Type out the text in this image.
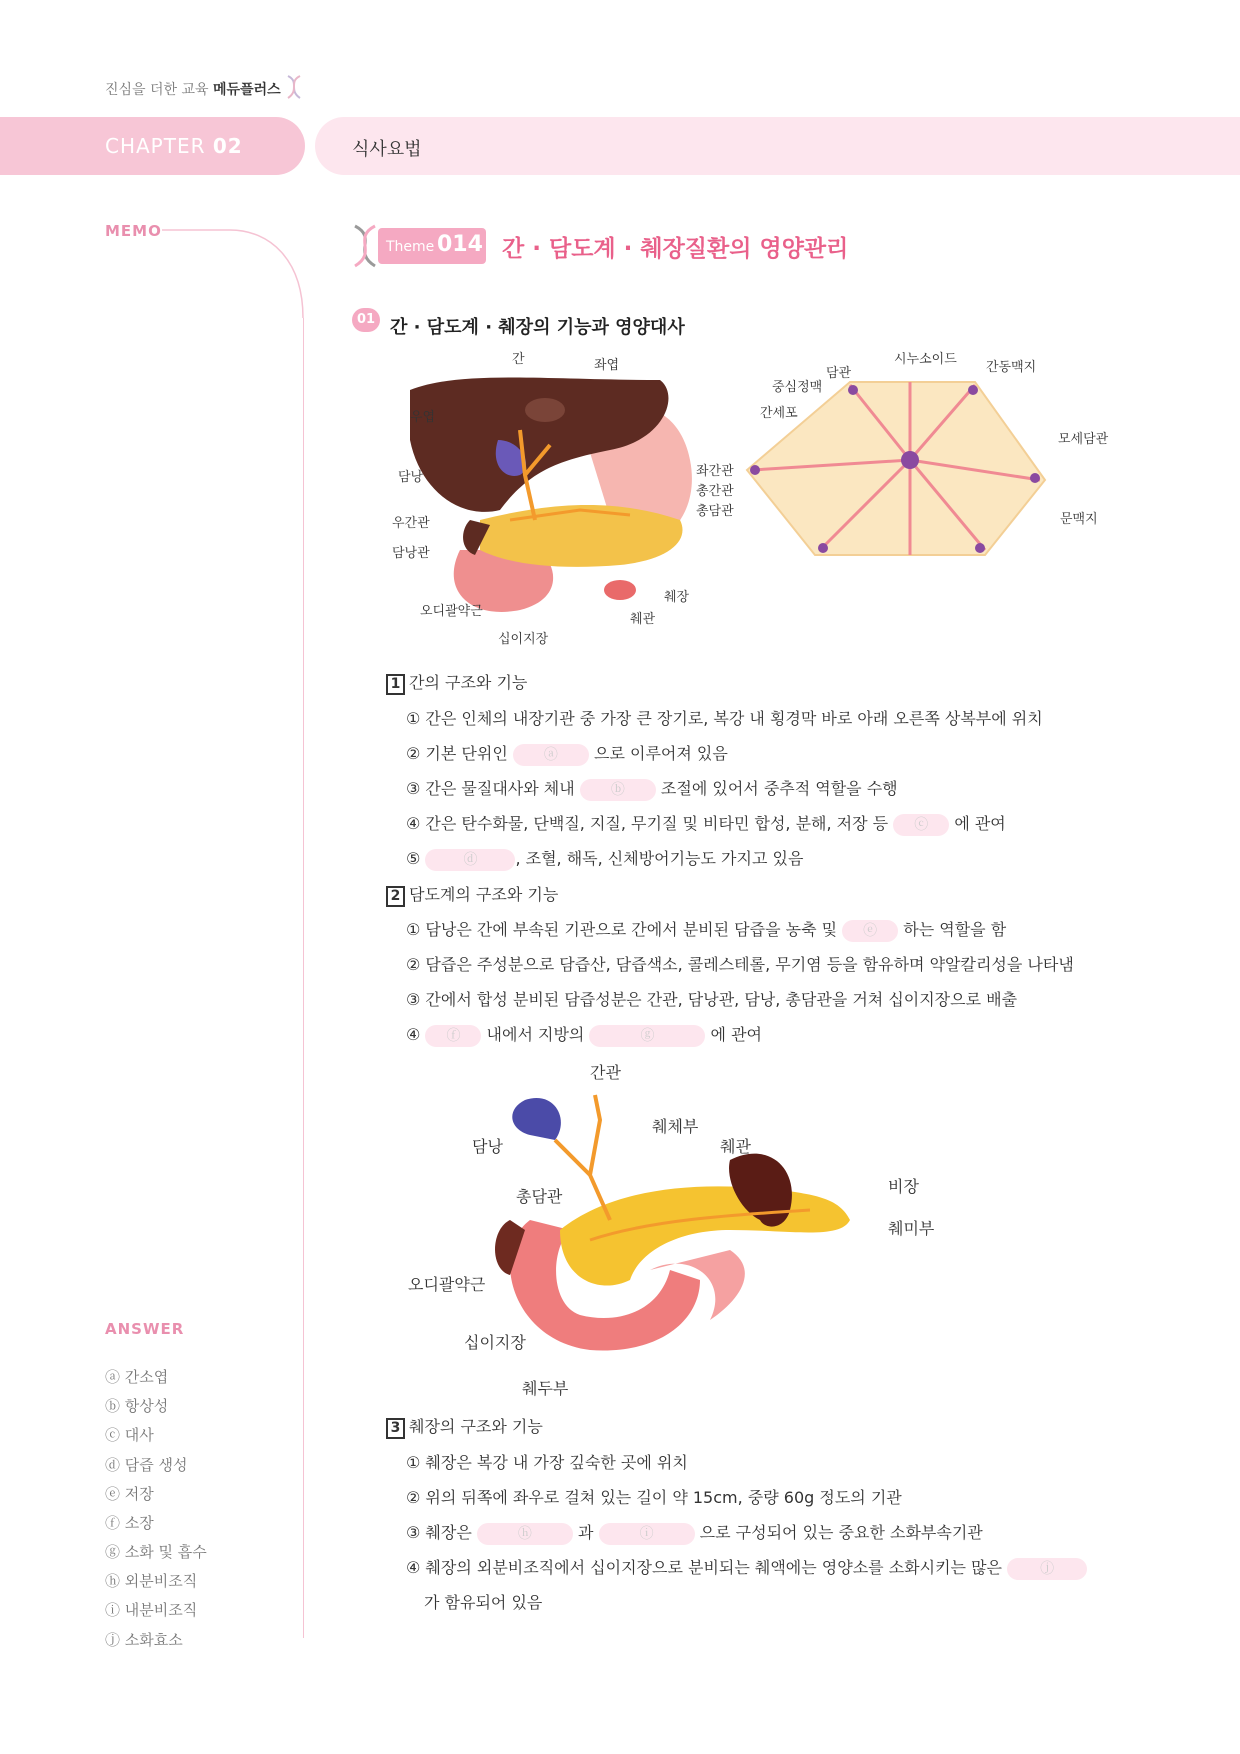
진심을 더한 교육 메듀플러스
CHAPTER 02	식사요법
MEMO
ANSWER
ⓐ 간소엽
ⓑ 항상성
ⓒ 대사
ⓓ 담즙 생성
ⓔ 저장
ⓕ 소장
ⓖ 소화 및 흡수
ⓗ 외분비조직
ⓘ 내분비조직
ⓙ 소화효소
Theme 014 간 · 담도계 · 췌장질환의 영양관리
01 간 · 담도계 · 췌장의 기능과 영양대사
간	좌엽
우엽
담낭
우간관
담낭관
오디괄약근
십이지장
췌관
췌장
좌간관
총간관
총담관
중심정맥
담관
시누소이드
간동맥지
간세포
모세담관
문맥지
1 간의 구조와 기능
① 간은 인체의 내장기관 중 가장 큰 장기로, 복강 내 횡경막 바로 아래 오른쪽 상복부에 위치
② 기본 단위인	ⓐ 으로 이루어져 있음
③ 간은 물질대사와 체내	ⓑ 조절에 있어서 중추적 역할을 수행
④ 간은 탄수화물, 단백질, 지질, 무기질 및 비타민 합성, 분해, 저장 등 ⓒ 에 관여
⑤	ⓓ , 조혈, 해독, 신체방어기능도 가지고 있음
2 담도계의 구조와 기능
① 담낭은 간에 부속된 기관으로 간에서 분비된 담즙을 농축 및 ⓔ 하는 역할을 함
② 담즙은 주성분으로 담즙산, 담즙색소, 콜레스테롤, 무기염 등을 함유하며 약알칼리성을 나타냄
③ 간에서 합성 분비된 담즙성분은 간관, 담낭관, 담낭, 총담관을 거쳐 십이지장으로 배출
④ ⓕ 내에서 지방의	ⓖ	에 관여
간관
췌체부
담낭	췌관
비장
총담관
췌미부
오디괄약근
십이지장
췌두부
3 췌장의 구조와 기능
① 췌장은 복강 내 가장 깊숙한 곳에 위치
② 위의 뒤쪽에 좌우로 걸쳐 있는 길이 약 15cm, 중량 60g 정도의 기관
③ 췌장은	ⓗ	과	ⓘ	으로 구성되어 있는 중요한 소화부속기관
④ 췌장의 외분비조직에서 십이지장으로 분비되는 췌액에는 영양소를 소화시키는 많은	ⓙ
가 함유되어 있음
